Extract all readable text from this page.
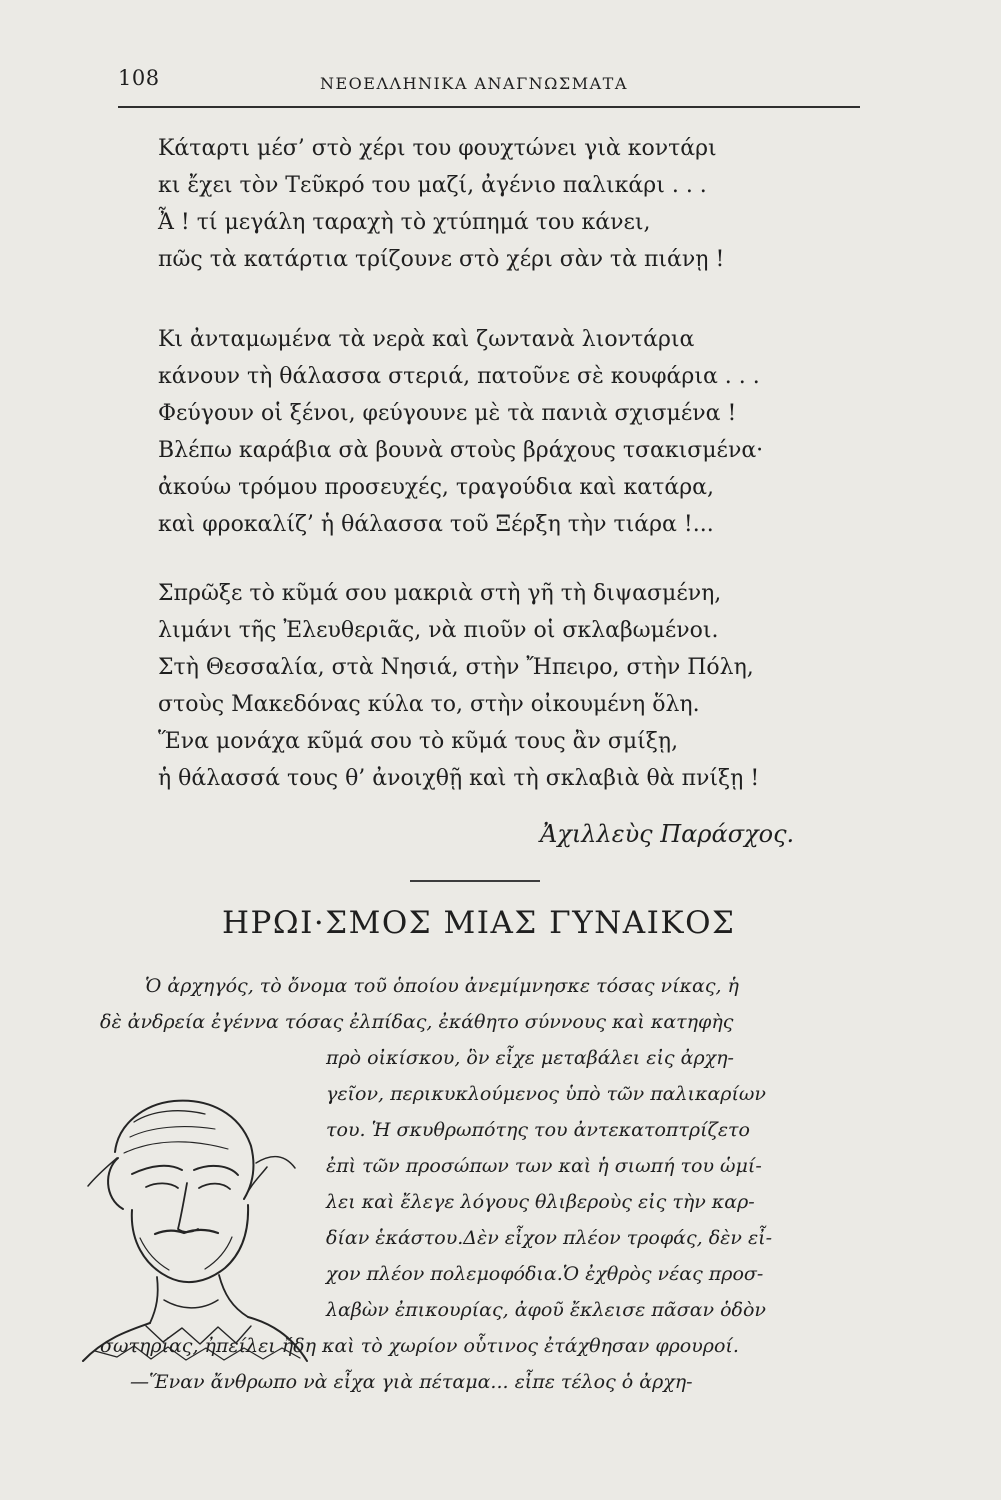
108	ΝΕΟΕΛΛΗΝΙΚΑ ΑΝΑΓΝΩΣΜΑΤΑ
Κάταρτι μέσ’ στὸ χέρι του φουχτώνει γιὰ κοντάρι
κι ἔχει τὸν Τεῦκρό του μαζί, ἀγένιο παλικάρι . . .
Ἆ ! τί μεγάλη ταραχὴ τὸ χτύπημά του κάνει,
πῶς τὰ κατάρτια τρίζουνε στὸ χέρι σὰν τὰ πιάνῃ !
Κι ἀνταμωμένα τὰ νερὰ καὶ ζωντανὰ λιοντάρια
κάνουν τὴ θάλασσα στεριά, πατοῦνε σὲ κουφάρια . . .
Φεύγουν οἱ ξένοι, φεύγουνε μὲ τὰ πανιὰ σχισμένα !
Βλέπω καράβια σὰ βουνὰ στοὺς βράχους τσακισμένα·
ἀκούω τρόμου προσευχές, τραγούδια καὶ κατάρα,
καὶ φροκαλίζ’ ἡ θάλασσα τοῦ Ξέρξη τὴν τιάρα !...
Σπρῶξε τὸ κῦμά σου μακριὰ στὴ γῆ τὴ διψασμένη,
λιμάνι τῆς Ἐλευθεριᾶς, νὰ πιοῦν οἱ σκλαβωμένοι.
Στὴ Θεσσαλία, στὰ Νησιά, στὴν Ἤπειρο, στὴν Πόλη,
στοὺς Μακεδόνας κύλα το, στὴν οἰκουμένη ὅλη.
Ἕνα μονάχα κῦμά σου τὸ κῦμά τους ἂν σμίξῃ,
ἡ θάλασσά τους θ’ ἀνοιχθῇ καὶ τὴ σκλαβιὰ θὰ πνίξῃ !
Ἀχιλλεὺς Παράσχος.
ΗΡΩΙ·ΣΜΟΣ ΜΙΑΣ ΓΥΝΑΙΚΟΣ
Ὁ ἀρχηγός, τὸ ὄνομα τοῦ ὁποίου ἀνεμίμνησκε τόσας νίκας, ἡ
δὲ ἀνδρεία ἐγέννα τόσας ἐλπίδας, ἐκάθητο σύννους καὶ κατηφὴς
πρὸ οἰκίσκου, ὃν εἶχε μεταβάλει εἰς ἀρχη-
γεῖον, περικυκλούμενος ὑπὸ τῶν παλικαρίων
του. Ἡ σκυθρωπότης του ἀντεκατοπτρίζετο
ἐπὶ τῶν προσώπων των καὶ ἡ σιωπή του ὡμί-
λει καὶ ἔλεγε λόγους θλιβεροὺς εἰς τὴν καρ-
δίαν ἑκάστου.Δὲν εἶχον πλέον τροφάς, δὲν εἶ-
χον πλέον πολεμοφόδια.Ὁ ἐχθρὸς νέας προσ-
λαβὼν ἐπικουρίας, ἀφοῦ ἔκλεισε πᾶσαν ὁδὸν
σωτηρίας, ἠπείλει ἤδη καὶ τὸ χωρίον οὗτινος ἐτάχθησαν φρουροί.
—Ἕναν ἄνθρωπο νὰ εἶχα γιὰ πέταμα... εἶπε τέλος ὁ ἀρχη-
